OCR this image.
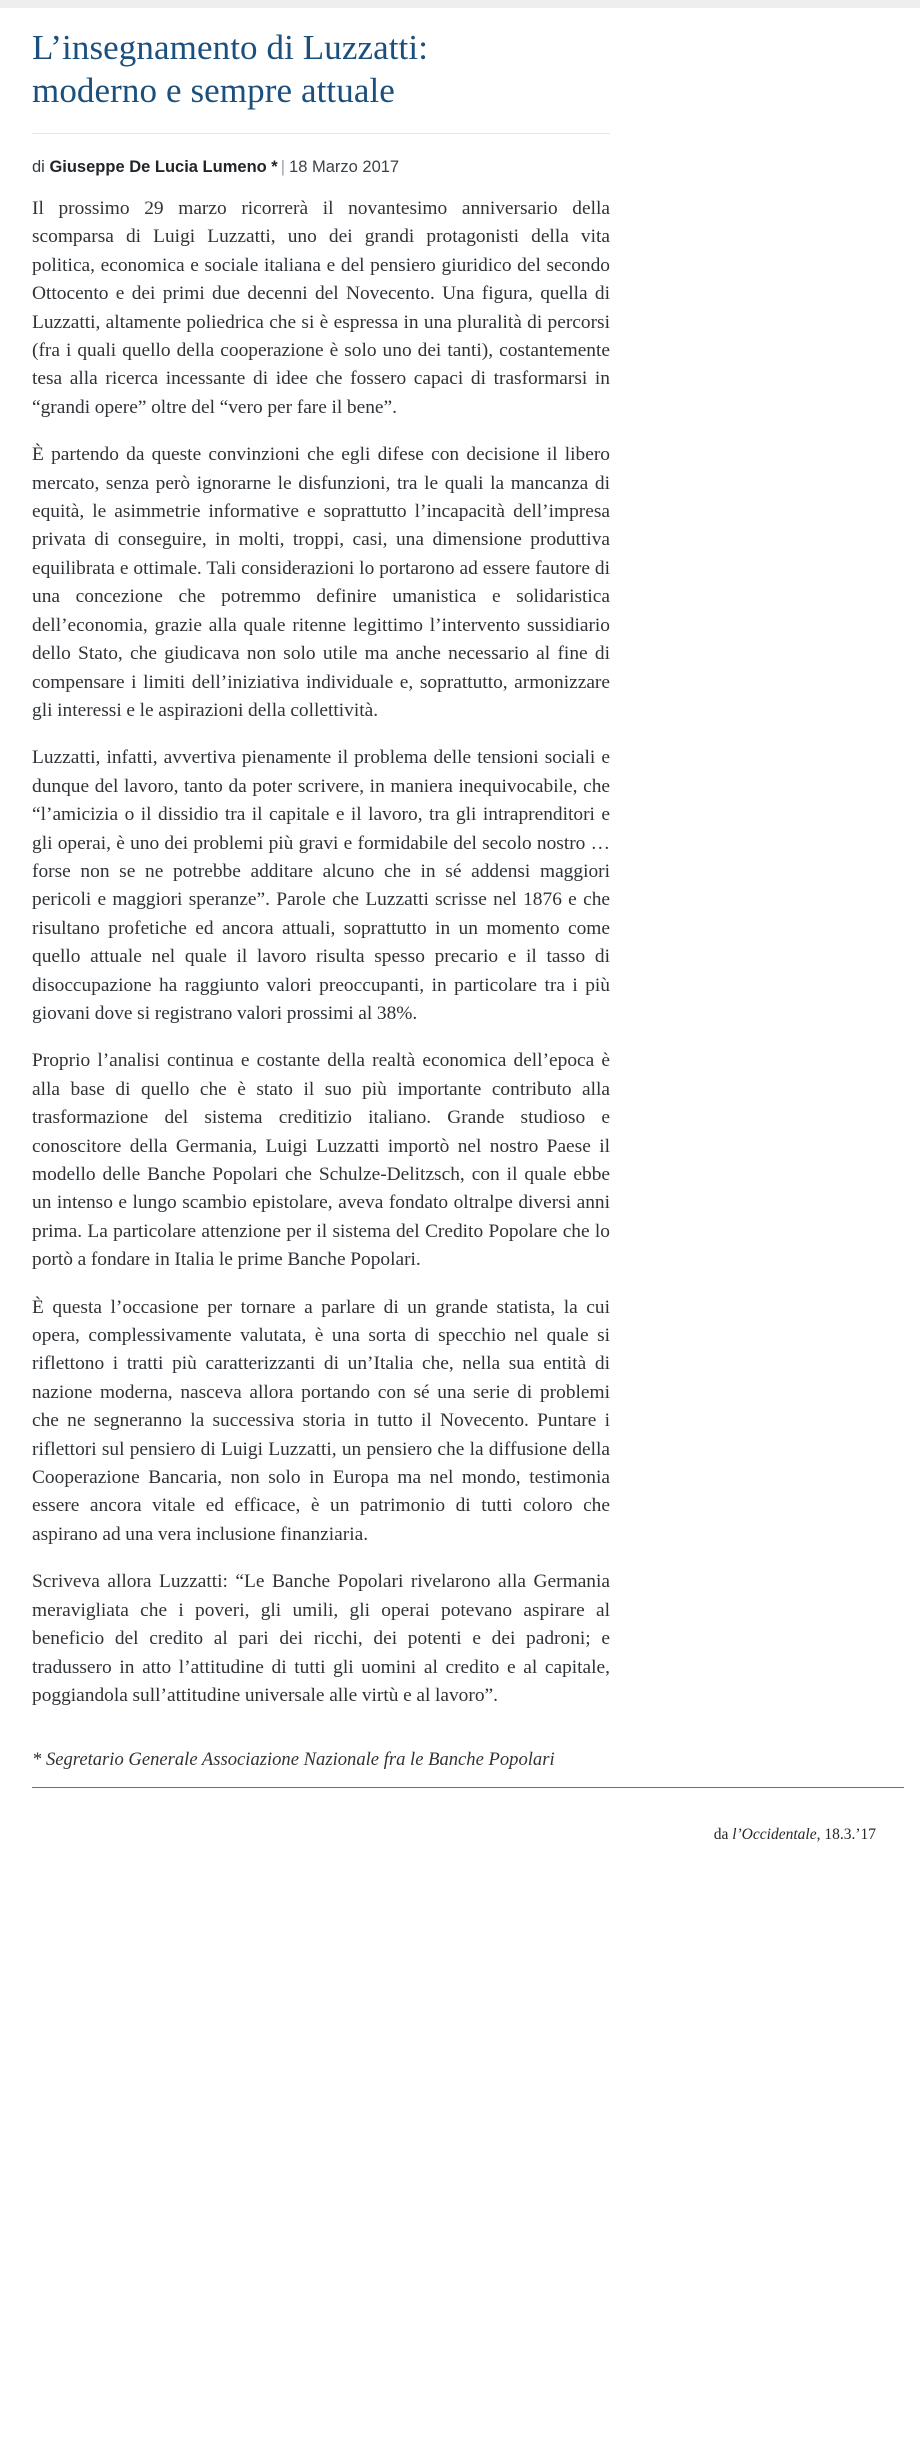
L’insegnamento di Luzzatti:
moderno e sempre attuale
di Giuseppe De Lucia Lumeno * | 18 Marzo 2017

Il prossimo 29 marzo ricorrerà il novantesimo anniversario della scomparsa di Luigi Luzzatti, uno dei grandi protagonisti della vita politica, economica e sociale italiana e del pensiero giuridico del secondo Ottocento e dei primi due decenni del Novecento. Una figura, quella di Luzzatti, altamente poliedrica che si è espressa in una pluralità di percorsi (fra i quali quello della cooperazione è solo uno dei tanti), costantemente tesa alla ricerca incessante di idee che fossero capaci di trasformarsi in “grandi opere” oltre del “vero per fare il bene”.

È partendo da queste convinzioni che egli difese con decisione il libero mercato, senza però ignorarne le disfunzioni, tra le quali la mancanza di equità, le asimmetrie informative e soprattutto l’incapacità dell’impresa privata di conseguire, in molti, troppi, casi, una dimensione produttiva equilibrata e ottimale. Tali considerazioni lo portarono ad essere fautore di una concezione che potremmo definire umanistica e solidaristica dell’economia, grazie alla quale ritenne legittimo l’intervento sussidiario dello Stato, che giudicava non solo utile ma anche necessario al fine di compensare i limiti dell’iniziativa individuale e, soprattutto, armonizzare gli interessi e le aspirazioni della collettività.

Luzzatti, infatti, avvertiva pienamente il problema delle tensioni sociali e dunque del lavoro, tanto da poter scrivere, in maniera inequivocabile, che “l’amicizia o il dissidio tra il capitale e il lavoro, tra gli intraprenditori e gli operai, è uno dei problemi più gravi e formidabile del secolo nostro … forse non se ne potrebbe additare alcuno che in sé addensi maggiori pericoli e maggiori speranze”. Parole che Luzzatti scrisse nel 1876 e che risultano profetiche ed ancora attuali, soprattutto in un momento come quello attuale nel quale il lavoro risulta spesso precario e il tasso di disoccupazione ha raggiunto valori preoccupanti, in particolare tra i più giovani dove si registrano valori prossimi al 38%.

Proprio l’analisi continua e costante della realtà economica dell’epoca è alla base di quello che è stato il suo più importante contributo alla trasformazione del sistema creditizio italiano. Grande studioso e conoscitore della Germania, Luigi Luzzatti importò nel nostro Paese il modello delle Banche Popolari che Schulze-Delitzsch, con il quale ebbe un intenso e lungo scambio epistolare, aveva fondato oltralpe diversi anni prima. La particolare attenzione per il sistema del Credito Popolare che lo portò a fondare in Italia le prime Banche Popolari.

È questa l’occasione per tornare a parlare di un grande statista, la cui opera, complessivamente valutata, è una sorta di specchio nel quale si riflettono i tratti più caratterizzanti di un’Italia che, nella sua entità di nazione moderna, nasceva allora portando con sé una serie di problemi che ne segneranno la successiva storia in tutto il Novecento. Puntare i riflettori sul pensiero di Luigi Luzzatti, un pensiero che la diffusione della Cooperazione Bancaria, non solo in Europa ma nel mondo, testimonia essere ancora vitale ed efficace, è un patrimonio di tutti coloro che aspirano ad una vera inclusione finanziaria.

Scriveva allora Luzzatti: “Le Banche Popolari rivelarono alla Germania meravigliata che i poveri, gli umili, gli operai potevano aspirare al beneficio del credito al pari dei ricchi, dei potenti e dei padroni; e tradussero in atto l’attitudine di tutti gli uomini al credito e al capitale, poggiandola sull’attitudine universale alle virtù e al lavoro”.

* Segretario Generale Associazione Nazionale fra le Banche Popolari

da l’Occidentale, 18.3.’17
